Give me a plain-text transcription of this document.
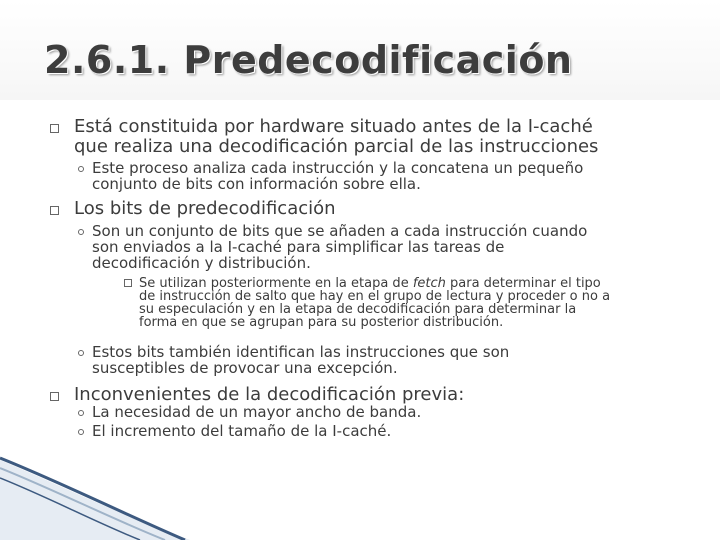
2.6.1. Predecodificación
Está constituida por hardware situado antes de la I-caché
que realiza una decodificación parcial de las instrucciones
Este proceso analiza cada instrucción y la concatena un pequeño
conjunto de bits con información sobre ella.
Los bits de predecodificación
Son un conjunto de bits que se añaden a cada instrucción cuando
son enviados a la I-caché para simplificar las tareas de
decodificación y distribución.
Se utilizan posteriormente en la etapa de fetch para determinar el tipo
de instrucción de salto que hay en el grupo de lectura y proceder o no a
su especulación y en la etapa de decodificación para determinar la
forma en que se agrupan para su posterior distribución.
Estos bits también identifican las instrucciones que son
susceptibles de provocar una excepción.
Inconvenientes de la decodificación previa:
La necesidad de un mayor ancho de banda.
El incremento del tamaño de la I-caché.
